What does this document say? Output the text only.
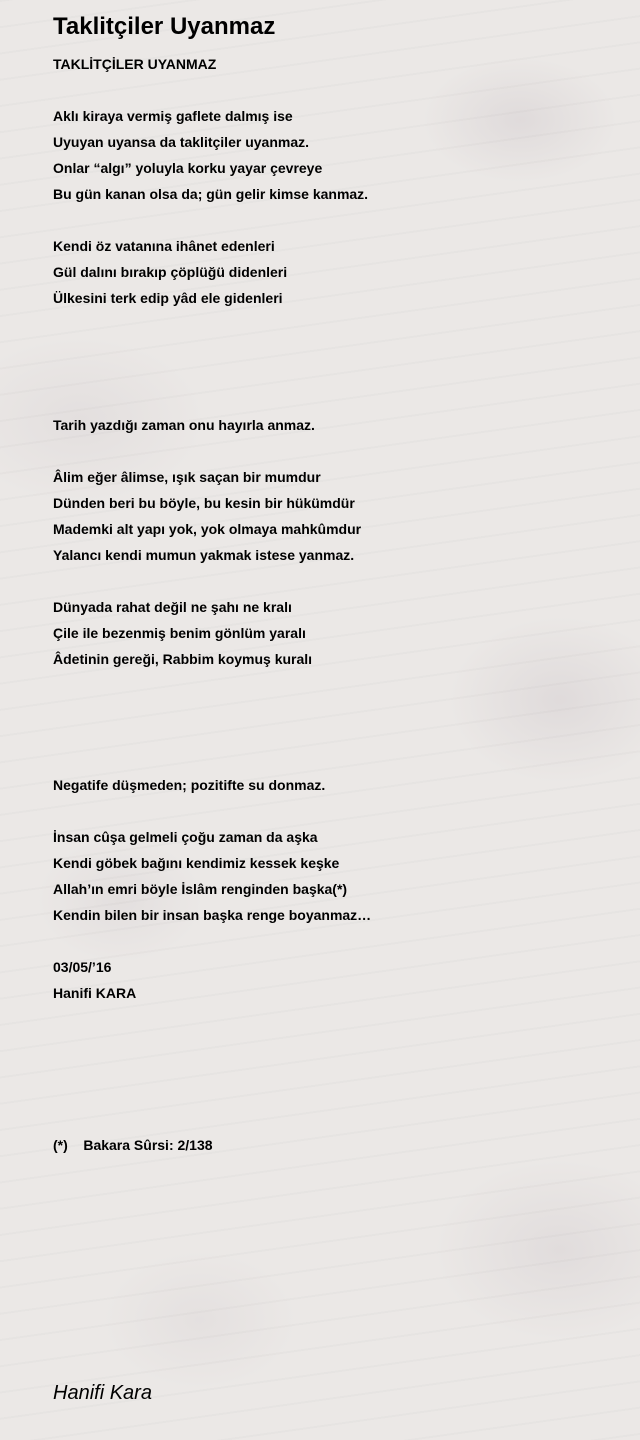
Taklitçiler Uyanmaz
TAKLİTÇİLER UYANMAZ
Aklı kiraya vermiş gaflete dalmış ise
Uyuyan uyansa da taklitçiler uyanmaz.
Onlar “algı” yoluyla korku yayar çevreye
Bu gün kanan olsa da; gün gelir kimse kanmaz.
Kendi öz vatanına ihânet edenleri
Gül dalını bırakıp çöplüğü didenleri
Ülkesini terk edip yâd ele gidenleri
Tarih yazdığı zaman onu hayırla anmaz.
Âlim eğer âlimse, ışık saçan bir mumdur
Dünden beri bu böyle, bu kesin bir hükümdür
Mademki alt yapı yok, yok olmaya mahkûmdur
Yalancı kendi mumun yakmak istese yanmaz.
Dünyada rahat değil ne şahı ne kralı
Çile ile bezenmiş benim gönlüm yaralı
Âdetinin gereği, Rabbim koymuş kuralı
Negatife düşmeden; pozitifte su donmaz.
İnsan cûşa gelmeli çoğu zaman da aşka
Kendi göbek bağını kendimiz kessek keşke
Allah’ın emri böyle İslâm renginden başka(*)
Kendin bilen bir insan başka renge boyanmaz…
03/05/’16
Hanifi KARA
(*)    Bakara Sûrsi: 2/138
Hanifi Kara
